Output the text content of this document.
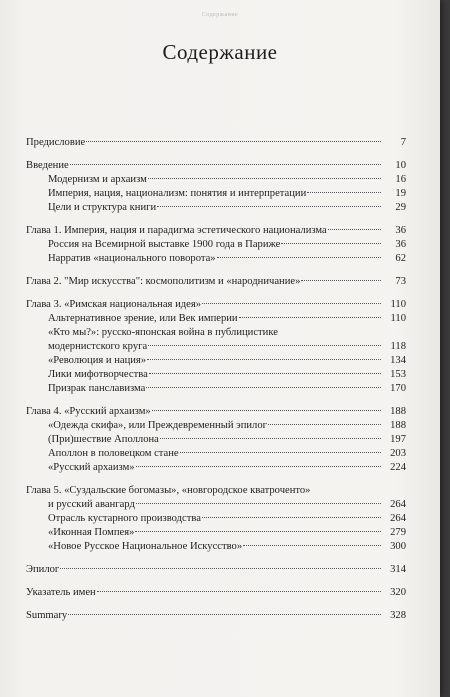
Содержание
Содержание
Предисловие	7
Введение	10
Модернизм и архаизм	16
Империя, нация, национализм: понятия и интерпретации	19
Цели и структура книги	29
Глава 1. Империя, нация и парадигма эстетического национализма	36
Россия на Всемирной выставке 1900 года в Париже	36
Нарратив «национального поворота»	62
Глава 2. "Мир искусства": космополитизм и «народничание»	73
Глава 3. «Римская национальная идея»	110
Альтернативное зрение, или Век империи	110
«Кто мы?»: русско-японская война в публицистике
модернистского круга	118
«Революция и нация»	134
Лики мифотворчества	153
Призрак панславизма	170
Глава 4. «Русский архаизм»	188
«Одежда скифа», или Преждевременный эпилог	188
(При)шествие Аполлона	197
Аполлон в половецком стане	203
«Русский архаизм»	224
Глава 5. «Суздальские богомазы», «новгородское кватроченто»
и русский авангард	264
Отрасль кустарного производства	264
«Иконная Помпея»	279
«Новое Русское Национальное Искусство»	300
Эпилог	314
Указатель имен	320
Summary	328
